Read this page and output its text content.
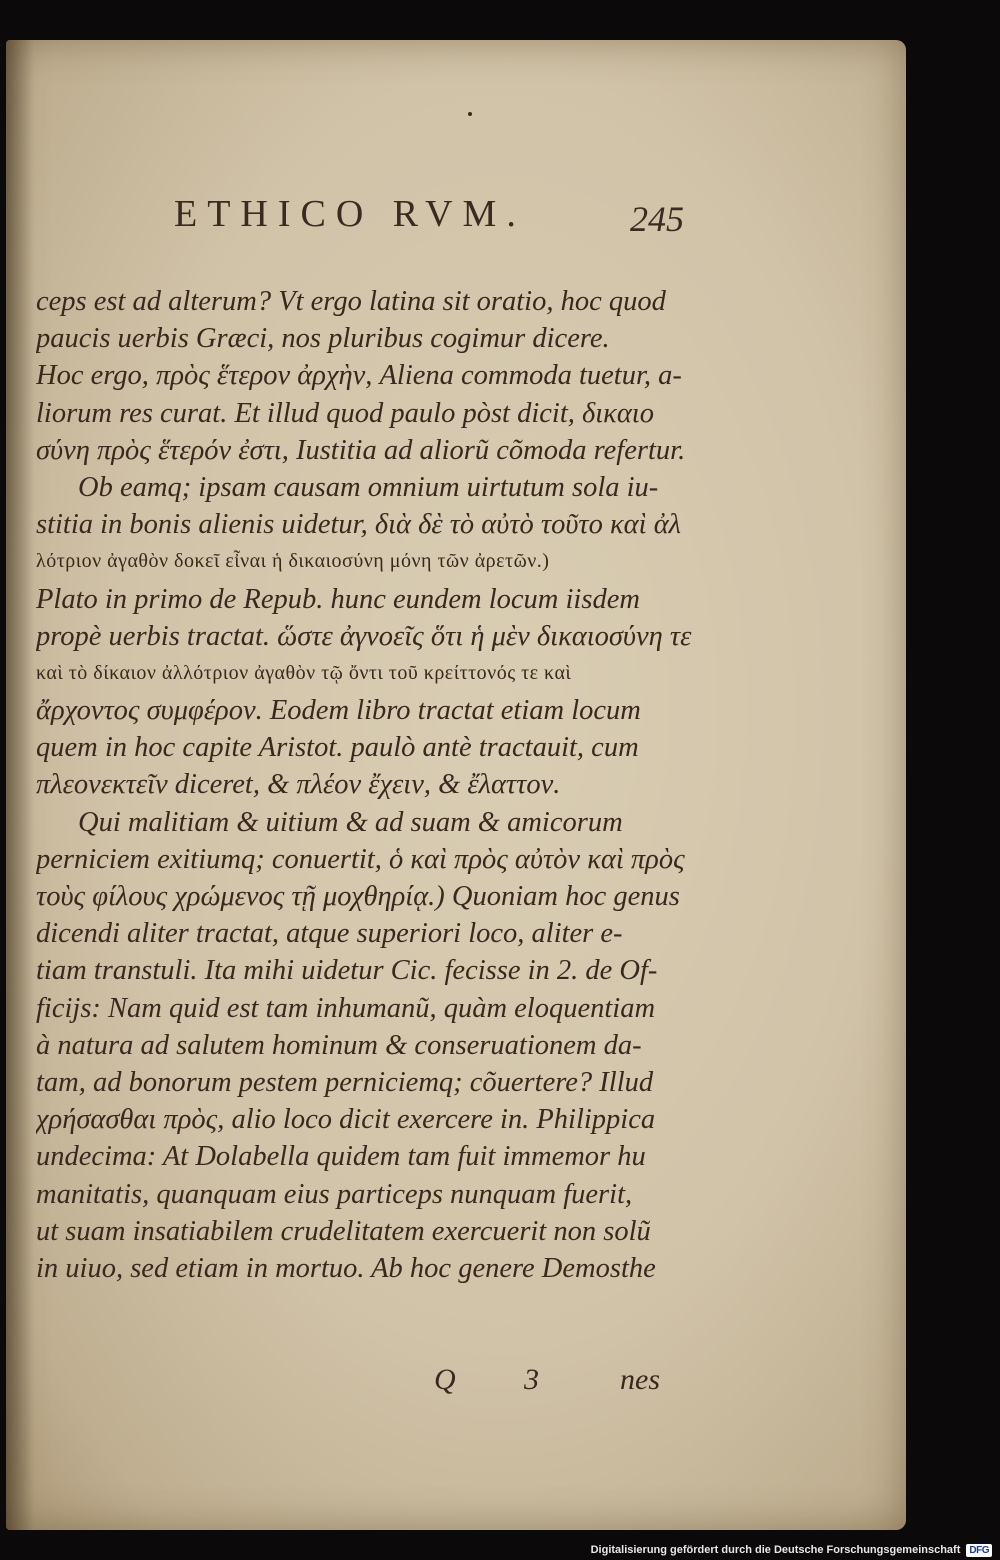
ETHICO RVM.	245
ceps est ad alterum? Vt ergo latina sit oratio, hoc quod
paucis uerbis Græci, nos pluribus cogimur dicere.
Hoc ergo, πρὸς ἕτερον ἀρχὴν, Aliena commoda tuetur, a-
liorum res curat. Et illud quod paulo pòst dicit, δικαιο
σύνη πρὸς ἕτερόν ἐστι, Iustitia ad aliorũ cõmoda refertur.
Ob eamq; ipsam causam omnium uirtutum sola iu-
stitia in bonis alienis uidetur, διὰ δὲ τὸ αὐτὸ τοῦτο καὶ ἀλ
λότριον ἀγαθὸν δοκεῖ εἶναι ἡ δικαιοσύνη μόνη τῶν ἀρετῶν.)
Plato in primo de Repub. hunc eundem locum iisdem
propè uerbis tractat. ὥστε ἀγνοεῖς ὅτι ἡ μὲν δικαιοσύνη τε
καὶ τὸ δίκαιον ἀλλότριον ἀγαθὸν τῷ ὄντι τοῦ κρείττονός τε καὶ
ἄρχοντος συμφέρον. Eodem libro tractat etiam locum
quem in hoc capite Aristot. paulò antè tractauit, cum
πλεονεκτεῖν diceret, & πλέον ἔχειν, & ἔλαττον.
Qui malitiam & uitium & ad suam & amicorum
perniciem exitiumq; conuertit, ὁ καὶ πρὸς αὐτὸν καὶ πρὸς
τοὺς φίλους χρώμενος τῇ μοχθηρίᾳ.) Quoniam hoc genus
dicendi aliter tractat, atque superiori loco, aliter e-
tiam transtuli. Ita mihi uidetur Cic. fecisse in 2. de Of-
ficijs: Nam quid est tam inhumanũ, quàm eloquentiam
à natura ad salutem hominum & conseruationem da-
tam, ad bonorum pestem perniciemq; cõuertere? Illud
χρήσασθαι πρὸς, alio loco dicit exercere in. Philippica
undecima: At Dolabella quidem tam fuit immemor hu
manitatis, quanquam eius particeps nunquam fuerit,
ut suam insatiabilem crudelitatem exercuerit non solũ
in uiuo, sed etiam in mortuo. Ab hoc genere Demosthe
Q 3	nes
Digitalisierung gefördert durch die Deutsche Forschungsgemeinschaft DFG
